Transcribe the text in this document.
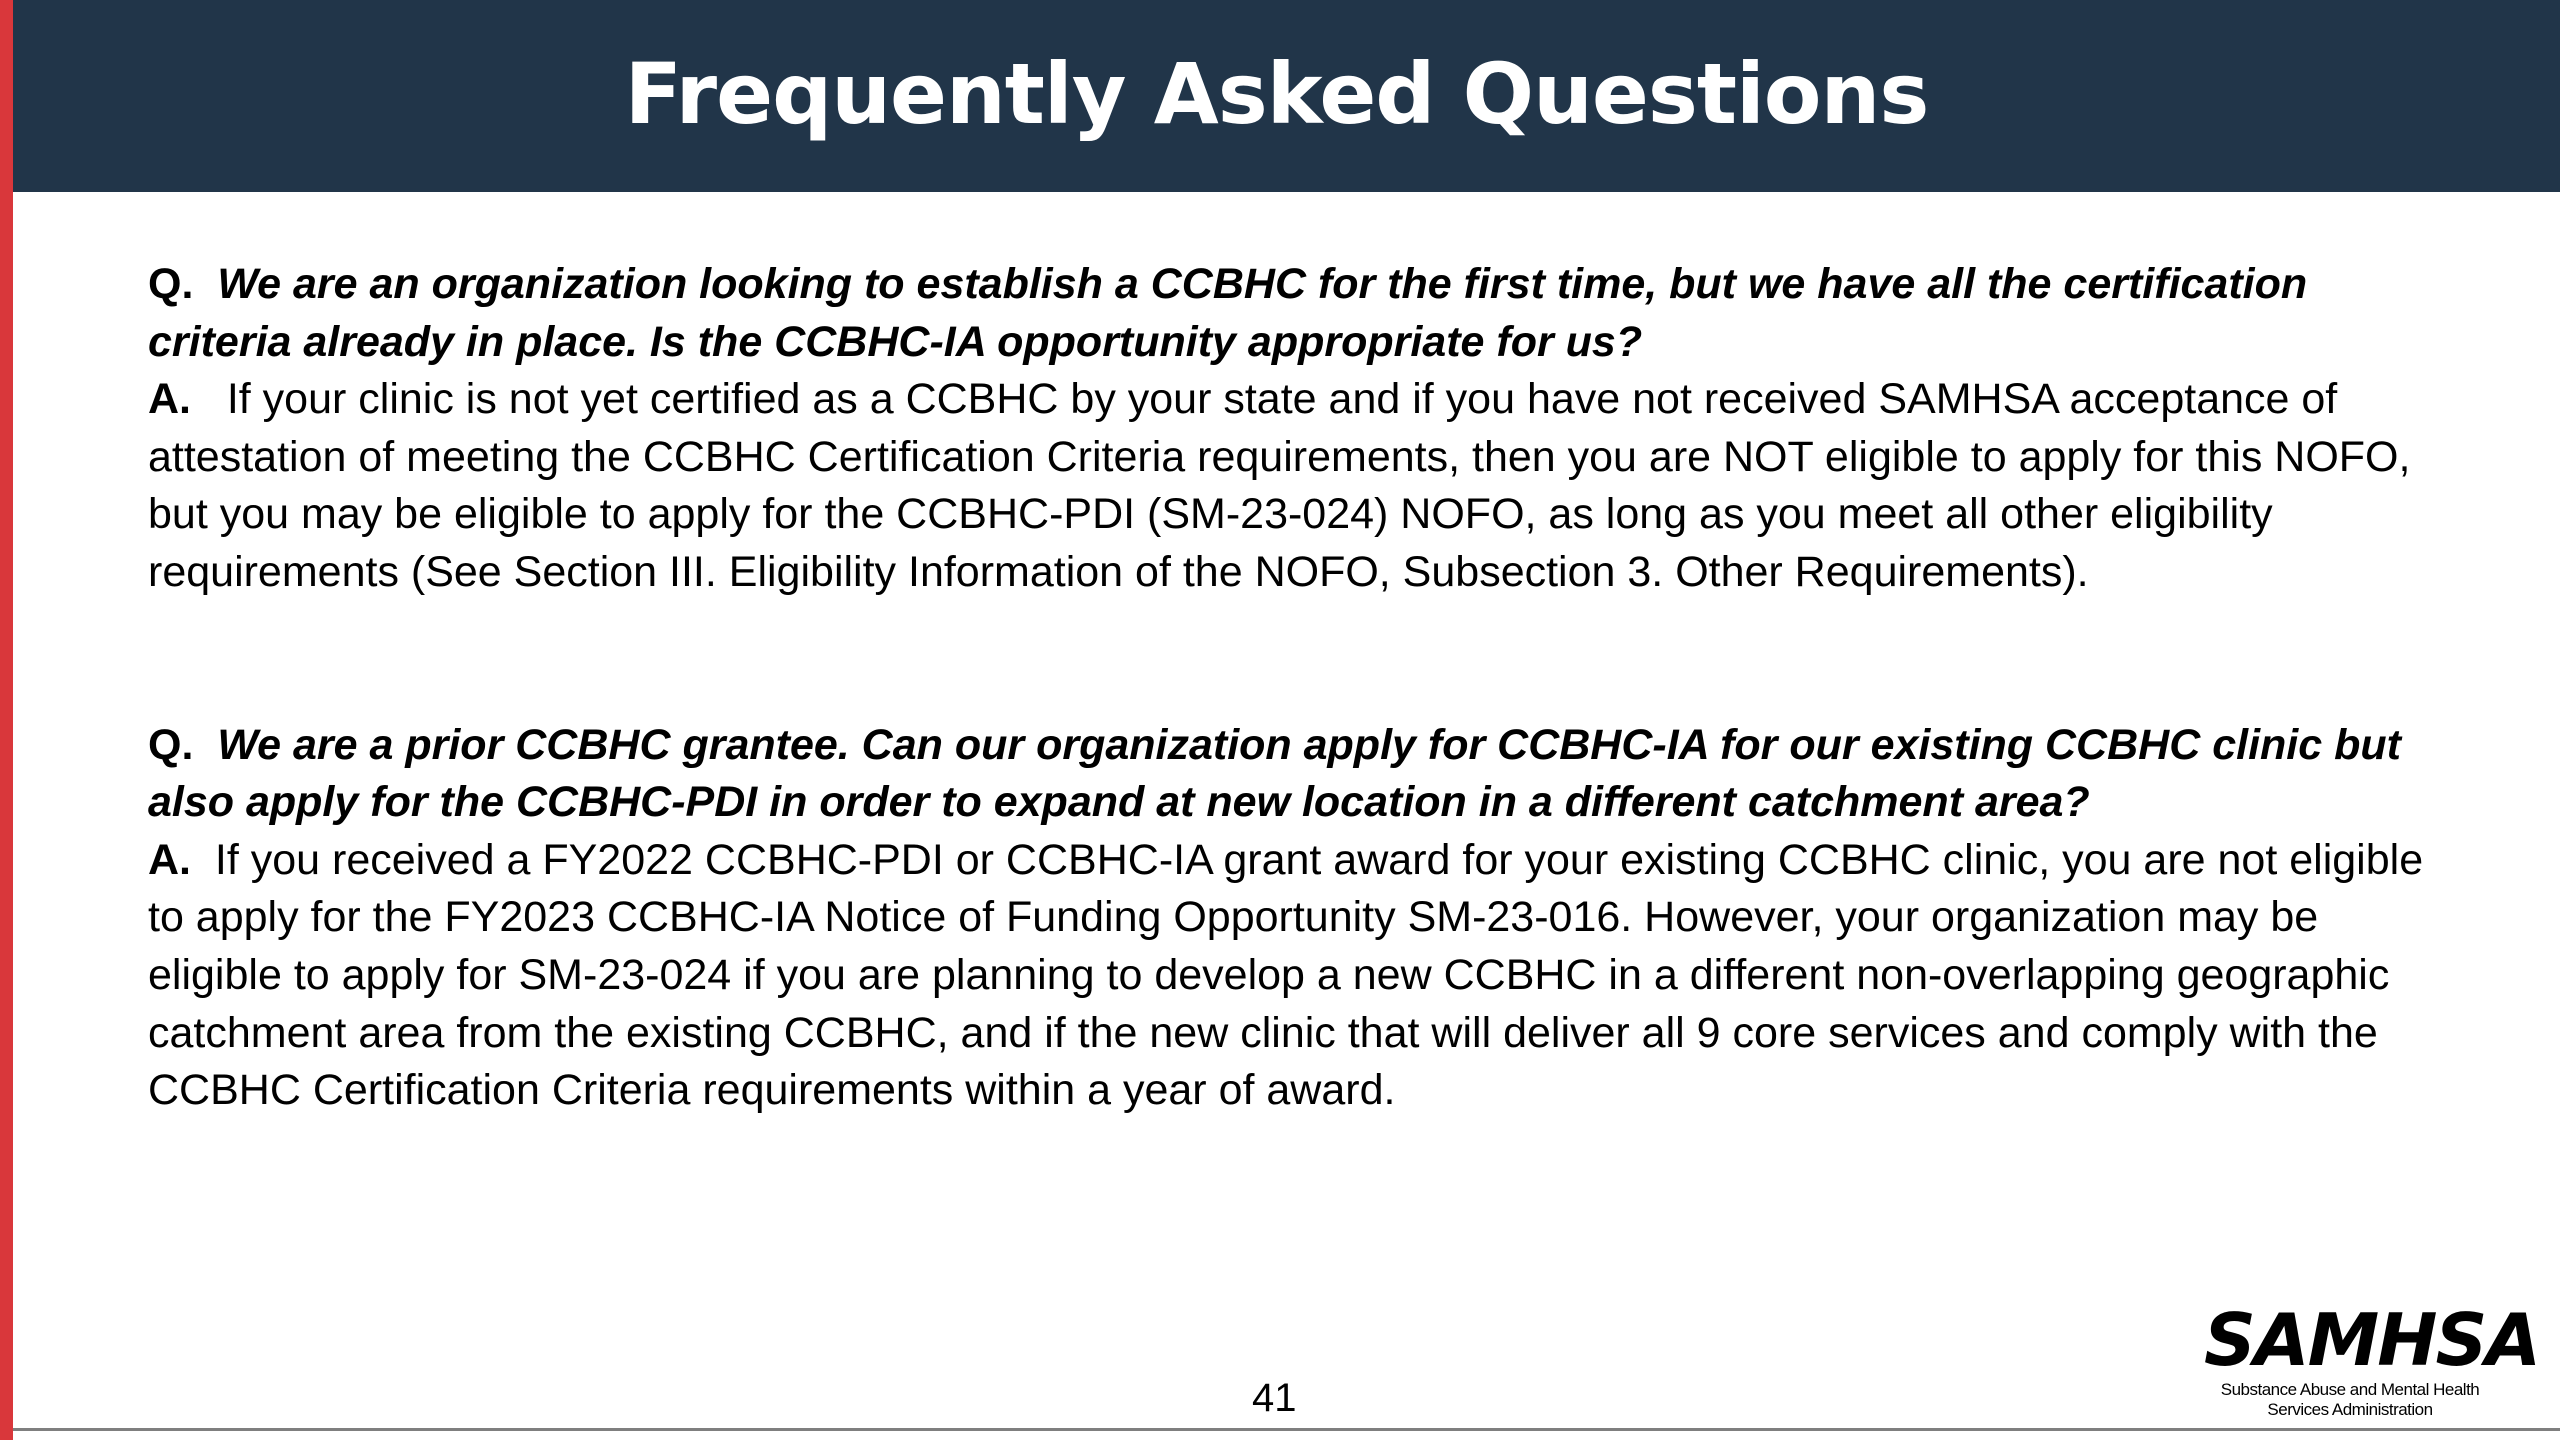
Frequently Asked Questions

Q. We are an organization looking to establish a CCBHC for the first time, but we have all the certification criteria already in place. Is the CCBHC-IA opportunity appropriate for us?

A. If your clinic is not yet certified as a CCBHC by your state and if you have not received SAMHSA acceptance of attestation of meeting the CCBHC Certification Criteria requirements, then you are NOT eligible to apply for this NOFO, but you may be eligible to apply for the CCBHC-PDI (SM-23-024) NOFO, as long as you meet all other eligibility requirements (See Section III. Eligibility Information of the NOFO, Subsection 3. Other Requirements).

Q. We are a prior CCBHC grantee. Can our organization apply for CCBHC-IA for our existing CCBHC clinic but also apply for the CCBHC-PDI in order to expand at new location in a different catchment area?

A. If you received a FY2022 CCBHC-PDI or CCBHC-IA grant award for your existing CCBHC clinic, you are not eligible to apply for the FY2023 CCBHC-IA Notice of Funding Opportunity SM-23-016. However, your organization may be eligible to apply for SM-23-024 if you are planning to develop a new CCBHC in a different non-overlapping geographic catchment area from the existing CCBHC, and if the new clinic that will deliver all 9 core services and comply with the CCBHC Certification Criteria requirements within a year of award.

41
SAMHSA
Substance Abuse and Mental Health
Services Administration
